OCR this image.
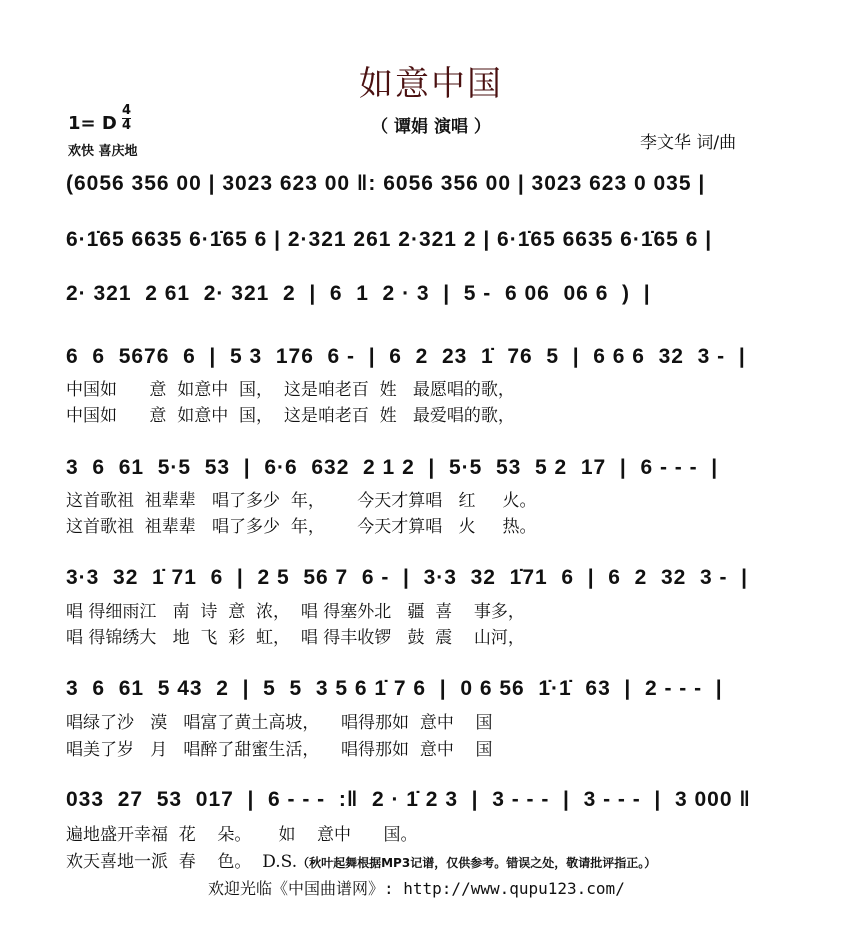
如意中国
（ 谭娟 演唱 ）
1= D
4
4
欢快 喜庆地	李文华 词/曲
(6056 356 00 | 3023 623 00 ‖: 6056 356 00 | 3023 623 0 035 |
6·1̇65 6635 6·1̇65 6 | 2·321 261 2·321 2 | 6·1̇65 6635 6·1̇65 6 |
2· 321  2 61  2· 321  2  |  6  1  2 · 3  |  5 -  6 06  06 6  )  |
6  6  5676  6  |  5 3  176  6 -  |  6  2  23  1̇  76  5  |  6 6 6  32  3 -  |
中国如      意  如意中  国，  这是咱老百  姓   最愿唱的歌，
中国如      意  如意中  国，  这是咱老百  姓   最爱唱的歌，
3  6  61  5·5  53  |  6·6  632  2 1 2  |  5·5  53  5 2  17  |  6 - - -  |
这首歌祖  祖辈辈   唱了多少  年，      今天才算唱   红     火。
这首歌祖  祖辈辈   唱了多少  年，      今天才算唱   火     热。
3·3  32  1̇ 71  6  |  2 5  56 7  6 -  |  3·3  32  1̇71  6  |  6  2  32  3 -  |
唱 得细雨江   南  诗  意  浓，  唱 得塞外北   疆  喜    事多，
唱 得锦绣大   地  飞  彩  虹，  唱 得丰收锣   鼓  震    山河，
3  6  61  5 43  2  |  5  5  3 5 6 1̇ 7 6  |  0 6 56  1̇·1̇  63  |  2 - - -  |
唱绿了沙   漠   唱富了黄土高坡，    唱得那如  意中    国
唱美了岁   月   唱醉了甜蜜生活，    唱得那如  意中    国
033  27  53  017  |  6 - - -  :‖  2 · 1̇ 2 3  |  3 - - -  |  3 - - -  |  3 000 ‖
遍地盛开幸福  花    朵。     如    意中      国。
欢天喜地一派  春    色。  D.S.（秋叶起舞根据MP3记谱，仅供参考。错误之处，敬请批评指正。）
欢迎光临《中国曲谱网》: http://www.qupu123.com/
